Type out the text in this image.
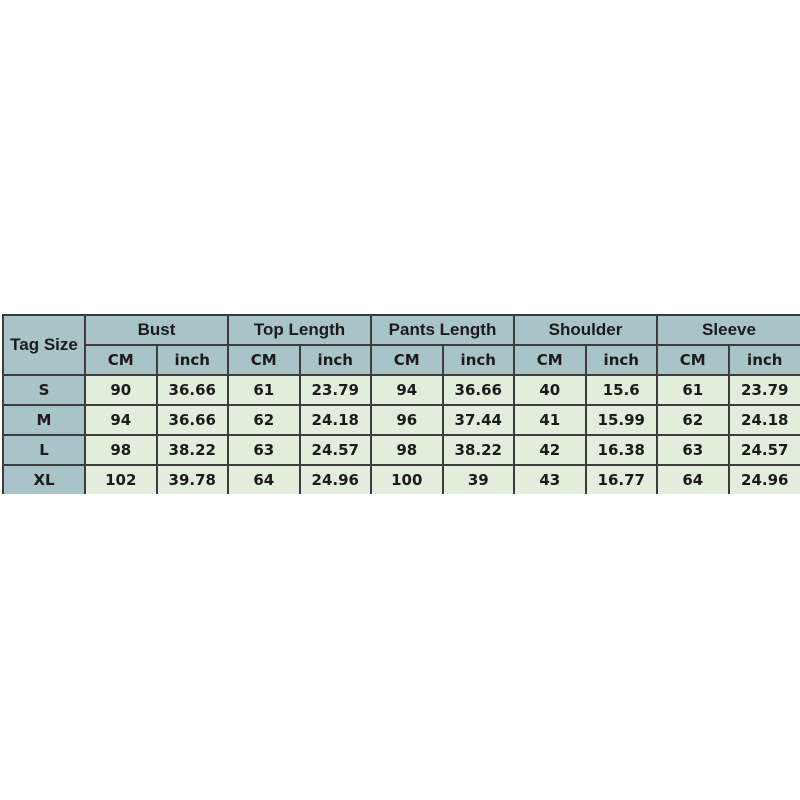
Tag Size	Bust		Top Length		Pants Length		Shoulder		Sleeve	
	CM	inch	CM	inch	CM	inch	CM	inch	CM	inch
S	90	36.66	61	23.79	94	36.66	40	15.6	61	23.79
M	94	36.66	62	24.18	96	37.44	41	15.99	62	24.18
L	98	38.22	63	24.57	98	38.22	42	16.38	63	24.57
XL	102	39.78	64	24.96	100	39	43	16.77	64	24.96
